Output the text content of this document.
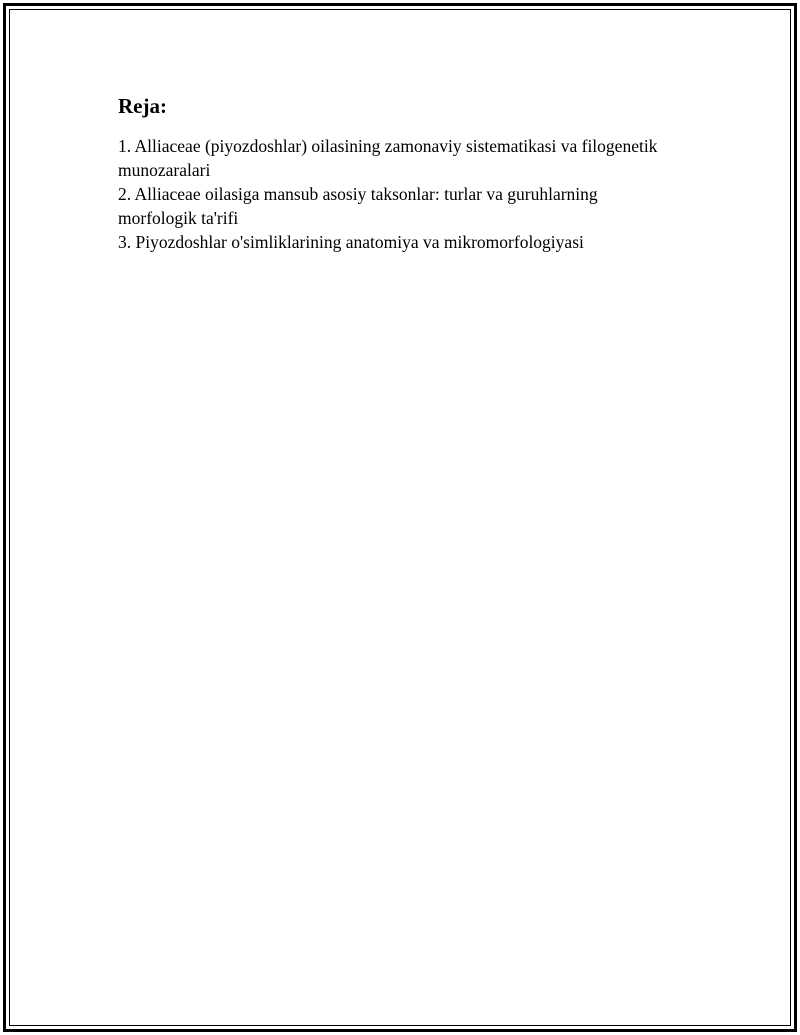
Reja:
1. Alliaceae (piyozdoshlar) oilasining zamonaviy sistematikasi va filogenetik munozaralari
2. Alliaceae oilasiga mansub asosiy taksonlar: turlar va guruhlarning morfologik ta'rifi
3. Piyozdoshlar o'simliklarining anatomiya va mikromorfologiyasi
